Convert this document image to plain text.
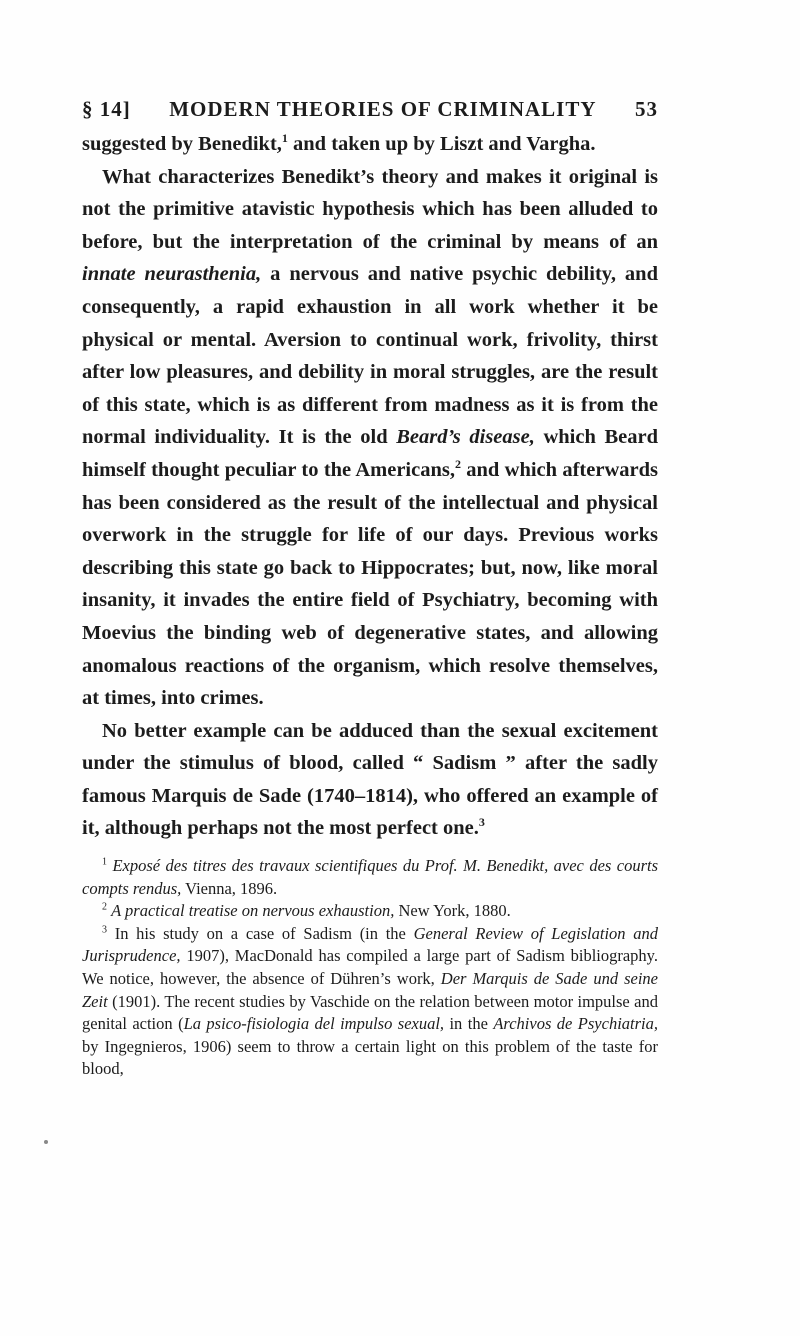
§ 14] MODERN THEORIES OF CRIMINALITY 53

suggested by Benedikt,$^1$ and taken up by Liszt and Vargha.

What characterizes Benedikt’s theory and makes it original is not the primitive atavistic hypothesis which has been alluded to before, but the interpretation of the criminal by means of an innate neurasthenia, a nervous and native psychic debility, and consequently, a rapid exhaustion in all work whether it be physical or mental. Aversion to continual work, frivolity, thirst after low pleasures, and debility in moral struggles, are the result of this state, which is as different from madness as it is from the normal individuality. It is the old Beard’s disease, which Beard himself thought peculiar to the Americans,$^2$ and which afterwards has been considered as the result of the intellectual and physical overwork in the struggle for life of our days. Previous works describing this state go back to Hippocrates; but, now, like moral insanity, it invades the entire field of Psychiatry, becoming with Moevius the binding web of degenerative states, and allowing anomalous reactions of the organism, which resolve themselves, at times, into crimes.

No better example can be adduced than the sexual excitement under the stimulus of blood, called “ Sadism ” after the sadly famous Marquis de Sade (1740–1814), who offered an example of it, although perhaps not the most perfect one.$^3$

$^1$ Exposé des titres des travaux scientifiques du Prof. M. Benedikt, avec des courts compts rendus, Vienna, 1896.

$^2$ A practical treatise on nervous exhaustion, New York, 1880.

$^3$ In his study on a case of Sadism (in the General Review of Legislation and Jurisprudence, 1907), MacDonald has compiled a large part of Sadism bibliography. We notice, however, the absence of Dühren’s work, Der Marquis de Sade und seine Zeit (1901). The recent studies by Vaschide on the relation between motor impulse and genital action (La psico-fisiologia del impulso sexual, in the Archivos de Psychiatria, by Ingegnieros, 1906) seem to throw a certain light on this problem of the taste for blood,
